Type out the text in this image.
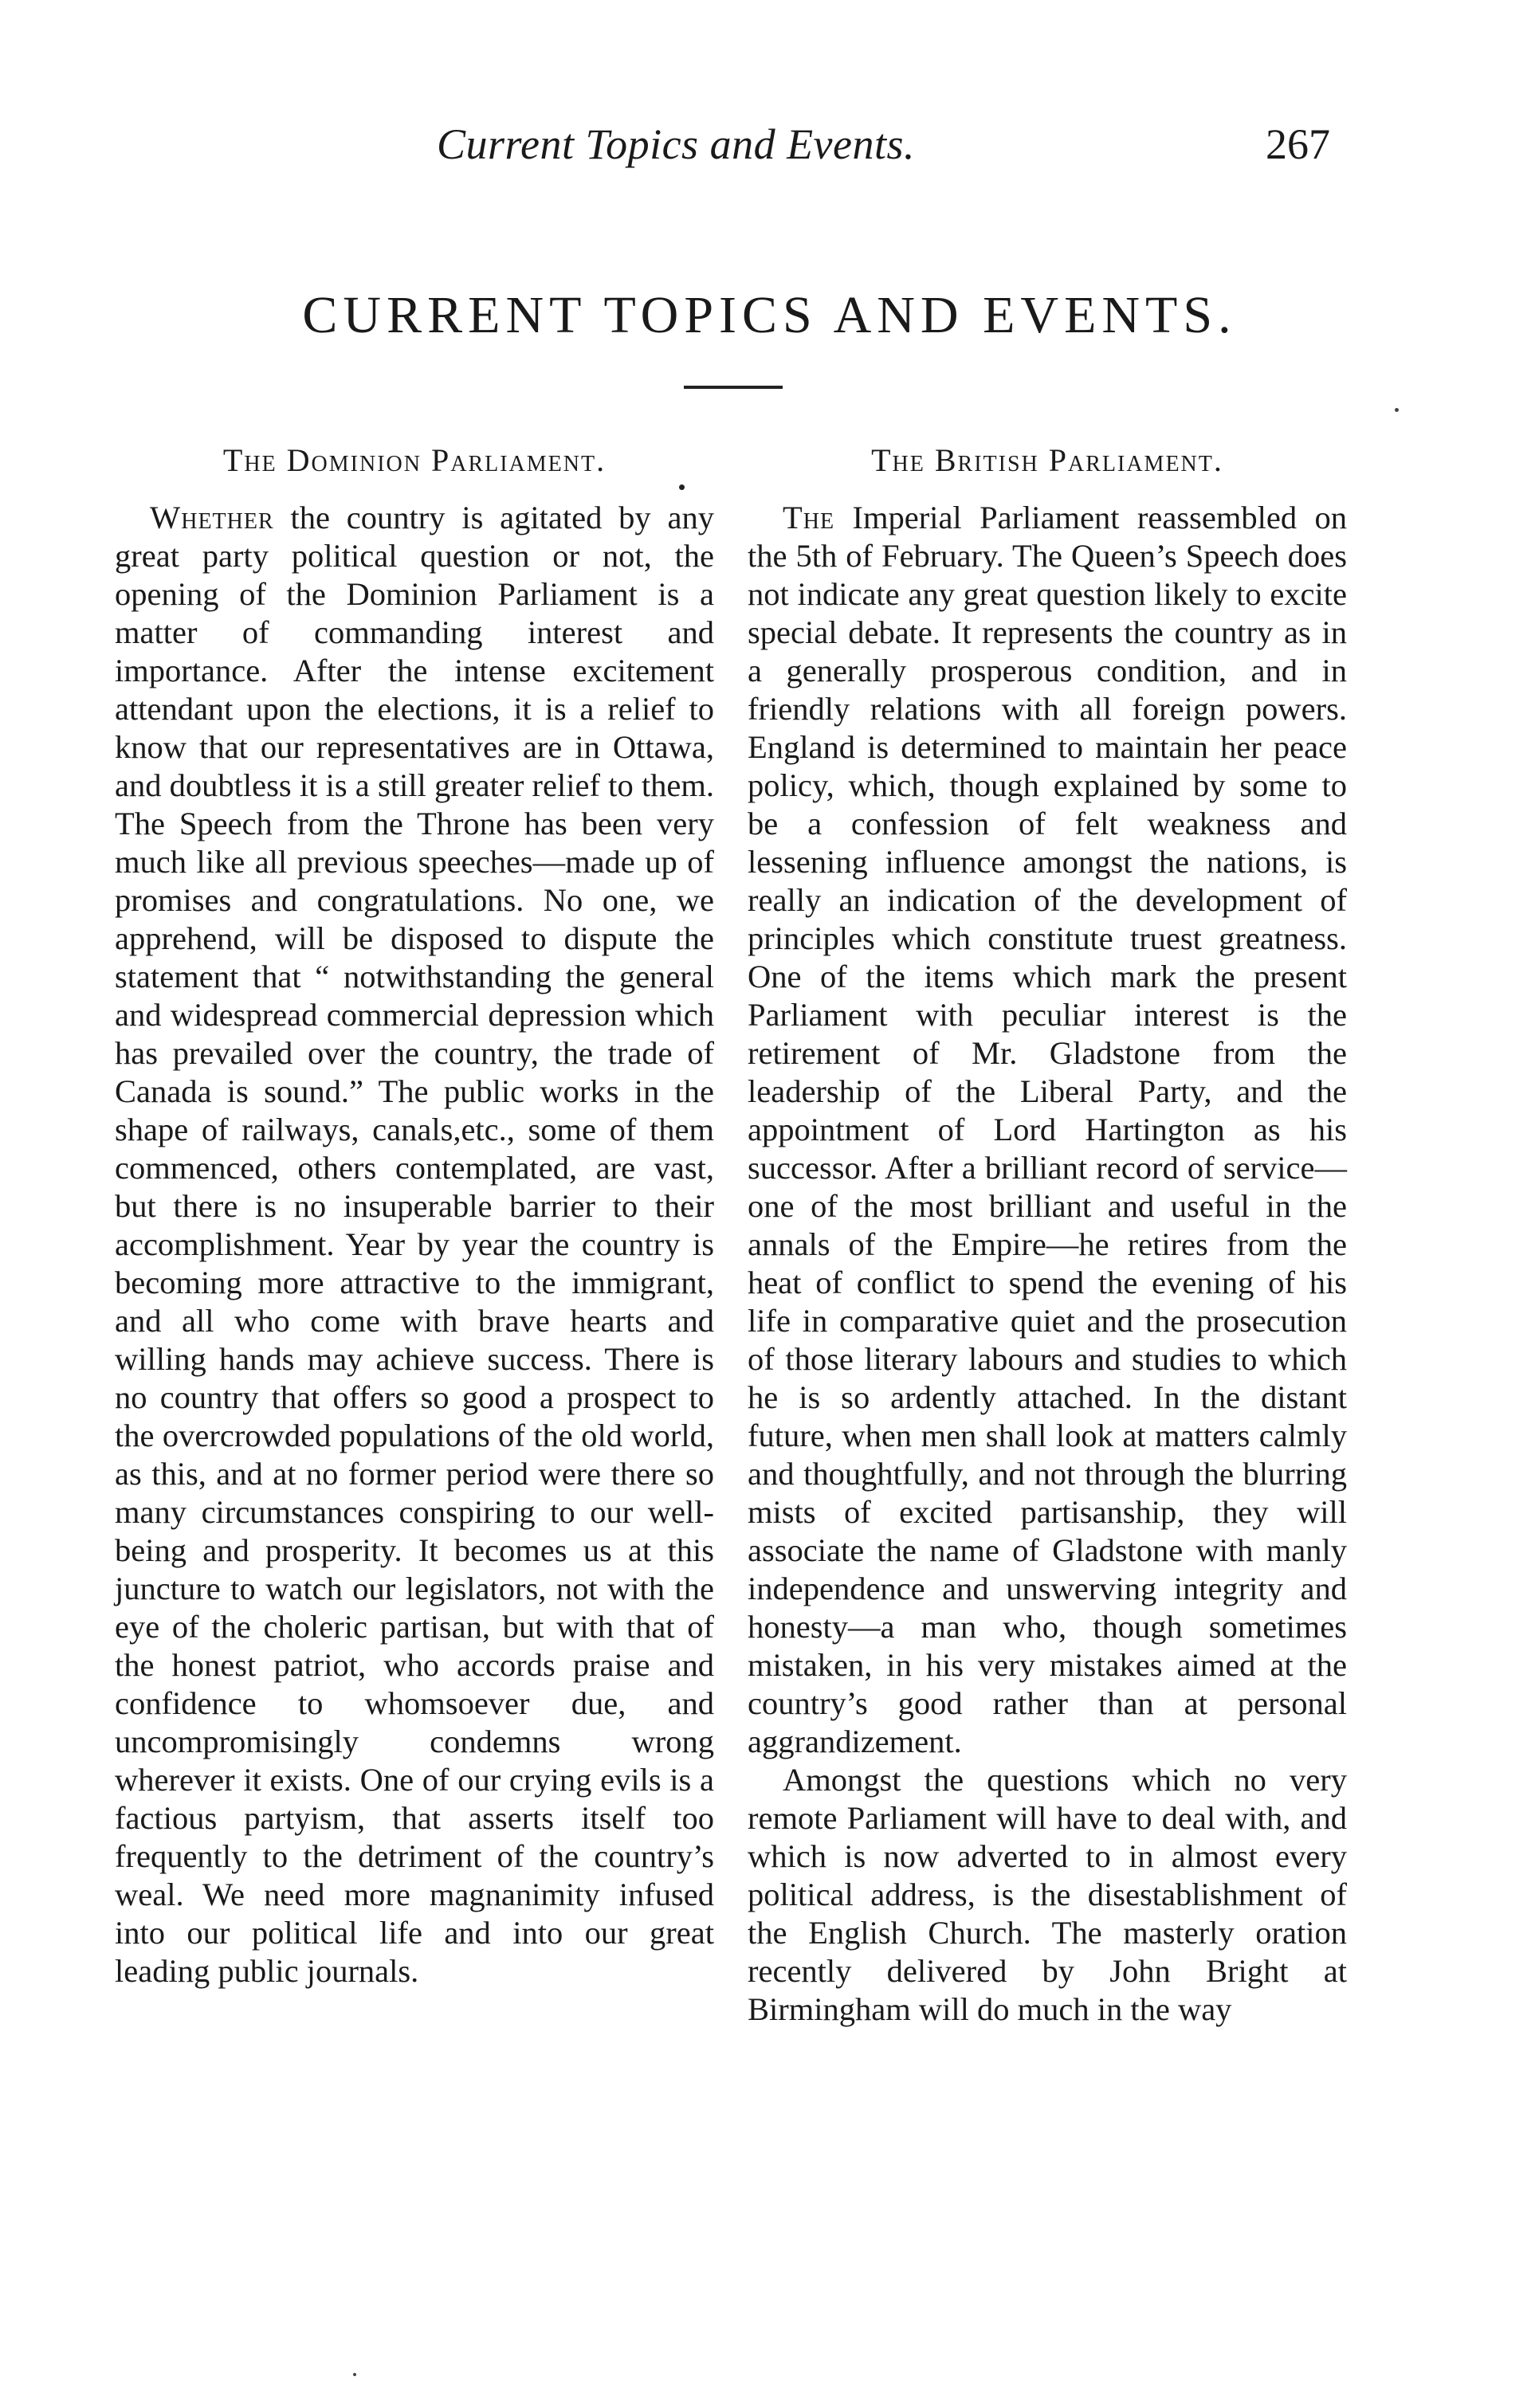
Current Topics and Events.	267
CURRENT TOPICS AND EVENTS.
The Dominion Parliament.

Whether the country is agitated by any great party political question or not, the opening of the Dominion Parliament is a matter of commanding interest and importance. After the intense excitement attendant upon the elections, it is a relief to know that our representatives are in Ottawa, and doubtless it is a still greater relief to them. The Speech from the Throne has been very much like all previous speeches—made up of promises and congratulations. No one, we apprehend, will be disposed to dispute the statement that “ notwithstanding the general and widespread commercial depression which has prevailed over the country, the trade of Canada is sound.” The public works in the shape of railways, canals,etc., some of them commenced, others contemplated, are vast, but there is no insuperable barrier to their accomplishment. Year by year the country is becoming more attractive to the immigrant, and all who come with brave hearts and willing hands may achieve success. There is no country that offers so good a prospect to the overcrowded populations of the old world, as this, and at no former period were there so many circumstances conspiring to our well-being and prosperity. It becomes us at this juncture to watch our legislators, not with the eye of the choleric partisan, but with that of the honest patriot, who accords praise and confidence to whomsoever due, and uncompromisingly condemns wrong wherever it exists. One of our crying evils is a factious partyism, that asserts itself too frequently to the detriment of the country’s weal. We need more magnanimity infused into our political life and into our great leading public journals.

The British Parliament.

The Imperial Parliament reassembled on the 5th of February. The Queen’s Speech does not indicate any great question likely to excite special debate. It represents the country as in a generally prosperous condition, and in friendly relations with all foreign powers. England is determined to maintain her peace policy, which, though explained by some to be a confession of felt weakness and lessening influence amongst the nations, is really an indication of the development of principles which constitute truest greatness. One of the items which mark the present Parliament with peculiar interest is the retirement of Mr. Gladstone from the leadership of the Liberal Party, and the appointment of Lord Hartington as his successor. After a brilliant record of service—one of the most brilliant and useful in the annals of the Empire—he retires from the heat of conflict to spend the evening of his life in comparative quiet and the prosecution of those literary labours and studies to which he is so ardently attached. In the distant future, when men shall look at matters calmly and thoughtfully, and not through the blurring mists of excited partisanship, they will associate the name of Gladstone with manly independence and unswerving integrity and honesty—a man who, though sometimes mistaken, in his very mistakes aimed at the country’s good rather than at personal aggrandizement.

Amongst the questions which no very remote Parliament will have to deal with, and which is now adverted to in almost every political address, is the disestablishment of the English Church. The masterly oration recently delivered by John Bright at Birmingham will do much in the way
